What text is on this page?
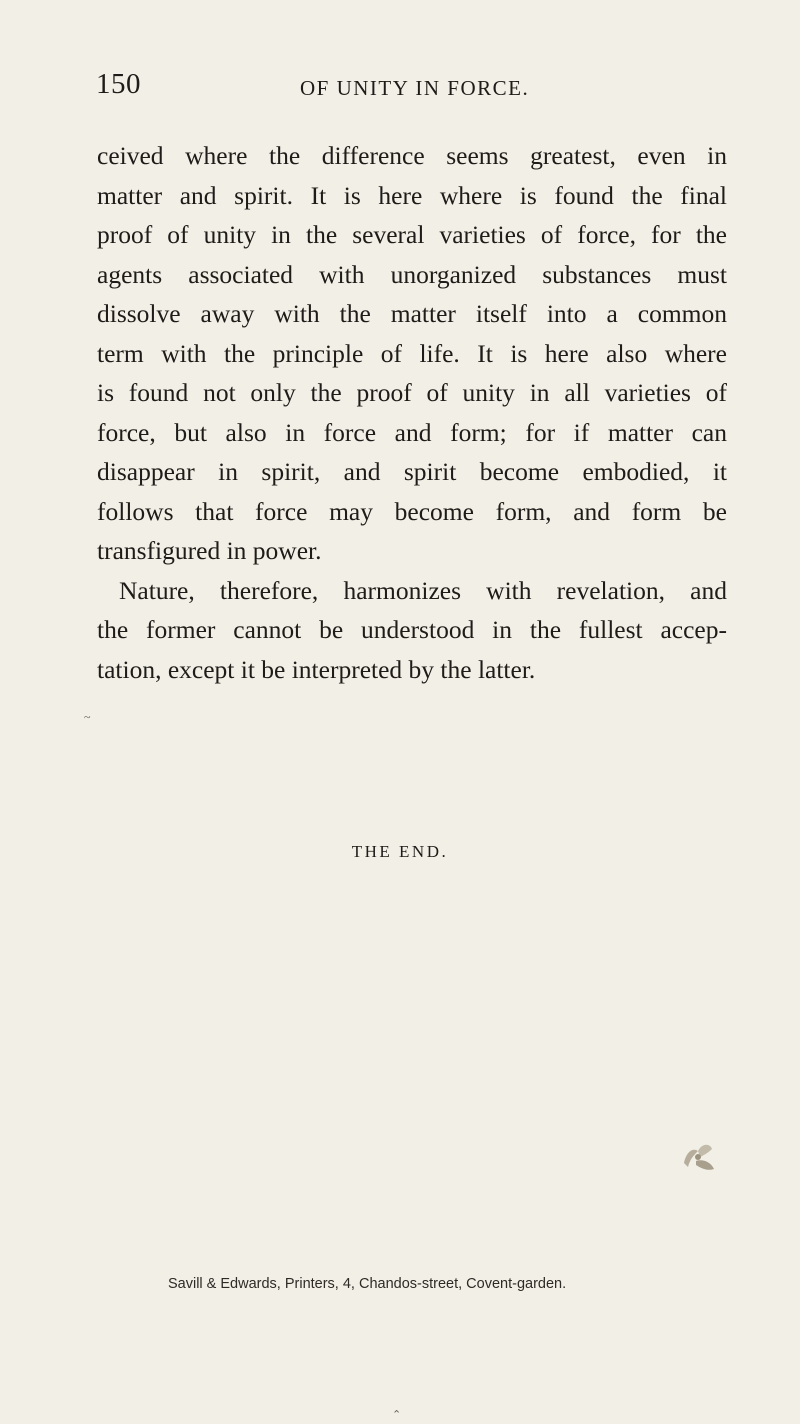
150	OF UNITY IN FORCE.
ceived where the difference seems greatest, even in
matter and spirit. It is here where is found the final
proof of unity in the several varieties of force, for the
agents associated with unorganized substances must
dissolve away with the matter itself into a common
term with the principle of life. It is here also where
is found not only the proof of unity in all varieties of
force, but also in force and form; for if matter can
disappear in spirit, and spirit become embodied, it
follows that force may become form, and form be
transfigured in power.
Nature, therefore, harmonizes with revelation, and
the former cannot be understood in the fullest accep-
tation, except it be interpreted by the latter.
~
THE END.
Savill & Edwards, Printers, 4, Chandos-street, Covent-garden.
⌃
